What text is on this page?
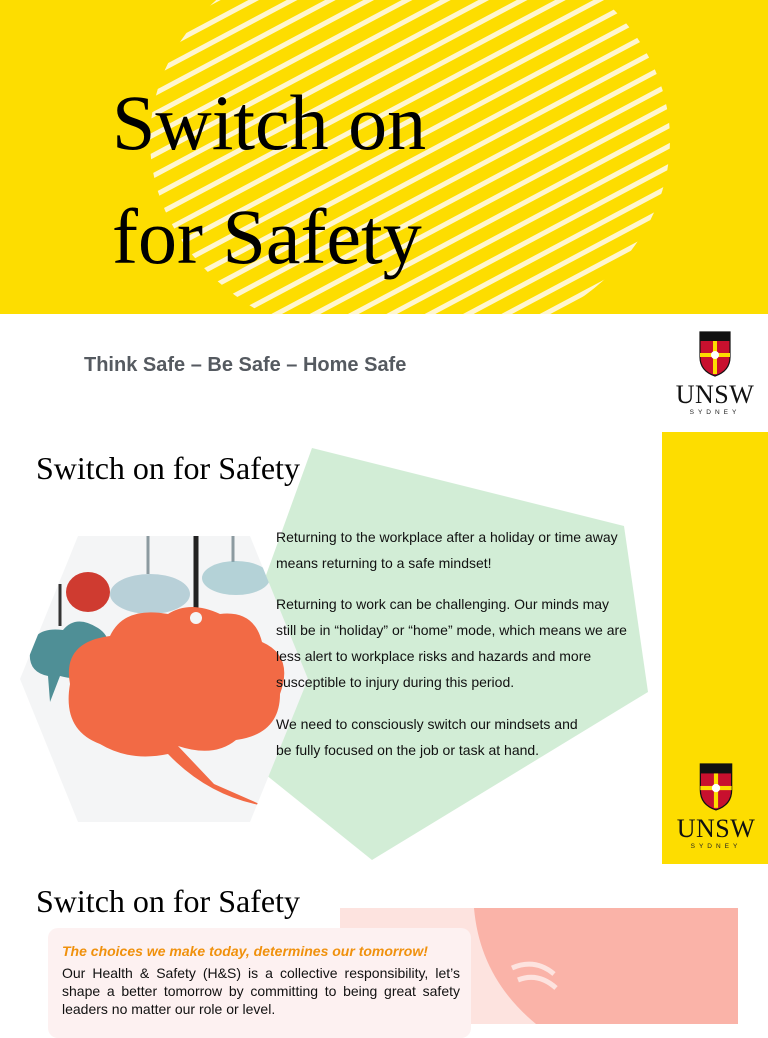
Switch on
for Safety
Think Safe – Be Safe – Home Safe
UNSW
SYDNEY
Switch on for Safety

Returning to the workplace after a holiday or time away
means returning to a safe mindset!

Returning to work can be challenging. Our minds may
still be in “holiday” or “home” mode, which means we are
less alert to workplace risks and hazards and more
susceptible to injury during this period.

We need to consciously switch our mindsets and
be fully focused on the job or task at hand.

UNSW
SYDNEY
Switch on for Safety
The choices we make today, determines our tomorrow!

Our Health & Safety (H&S) is a collective responsibility, let’s shape a better tomorrow by committing to being great safety leaders no matter our role or level.
